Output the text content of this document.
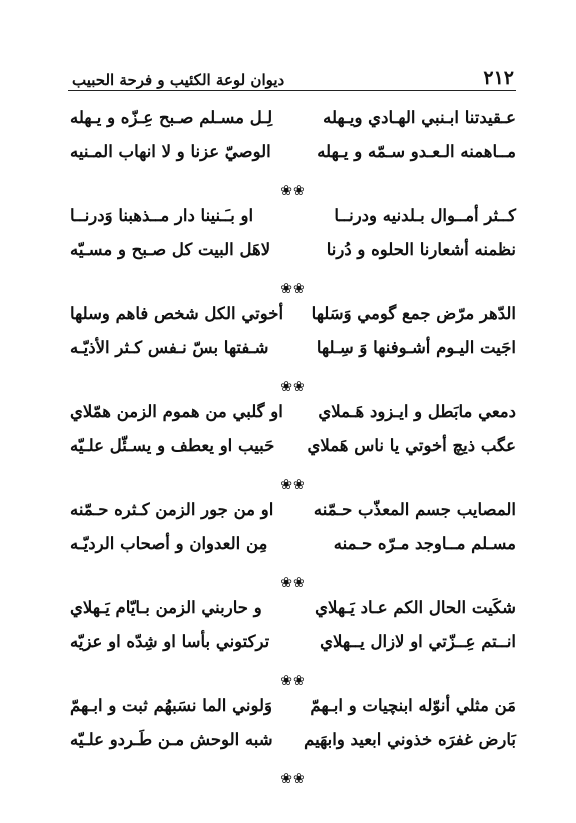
٢١٢
ديوان لوعة الكئيب و فرحة الحبيب
عـقيدتنا ابـنبي الهـادي ويـهله
لِـل مسـلم صـبح عِـزّه و يـهله
مــاهمنه الـعـدو سـمّه و يـهله
الوصيّ عزنا و لا انهاب المـنيه
❀❀
كــثر أمــوال بـلدنيه ودرنــا
او بـَـنينا دار مــذهبنا وَدرنــا
نظمنه أشعارنا الحلوه و دُرنا
لاهَل البيت كل صـبح و مسـيّه
❀❀
الدّهر مرّض جمع گومي وَسَلها
أخوتي الكل شخص فاهم وسلها
اجَيت اليـوم أشـوفنها وَ سِـلها
شـفتها بسّ نـفس كـثر الأذيّـه
❀❀
دمعي مابَطل و ايـزود هَـملاي
او گلبي من هموم الزمن همّلاي
عگب ذيچ أخوتي يا ناس هَملاي
حَبيب او يعطف و يسـئّل علـيّه
❀❀
المصايب جسم المعذّب حـمّنه
او من جور الزمن كـثره حـمّنه
مسـلم مــاوجد مـرّه حـمنه
مِن العدوان و أصحاب الرديّـه
❀❀
شكَيت الحال الكم عـاد يَـهلاي
و حاربني الزمن بـايّام يَـهلاي
انــتم عِــزّتي او لازال يــهلاي
تركتوني بأسا او شِدّه او عزيّه
❀❀
مَن مثلي أنوّله ابنچيات و ابـهمّ
وَلوني الما نسَبهُم ثبت و ابـهمّ
بَارض غفرَه خذوني ابعيد وابهَيم
شبه الوحش مـن طَـردو علـيّه
❀❀
